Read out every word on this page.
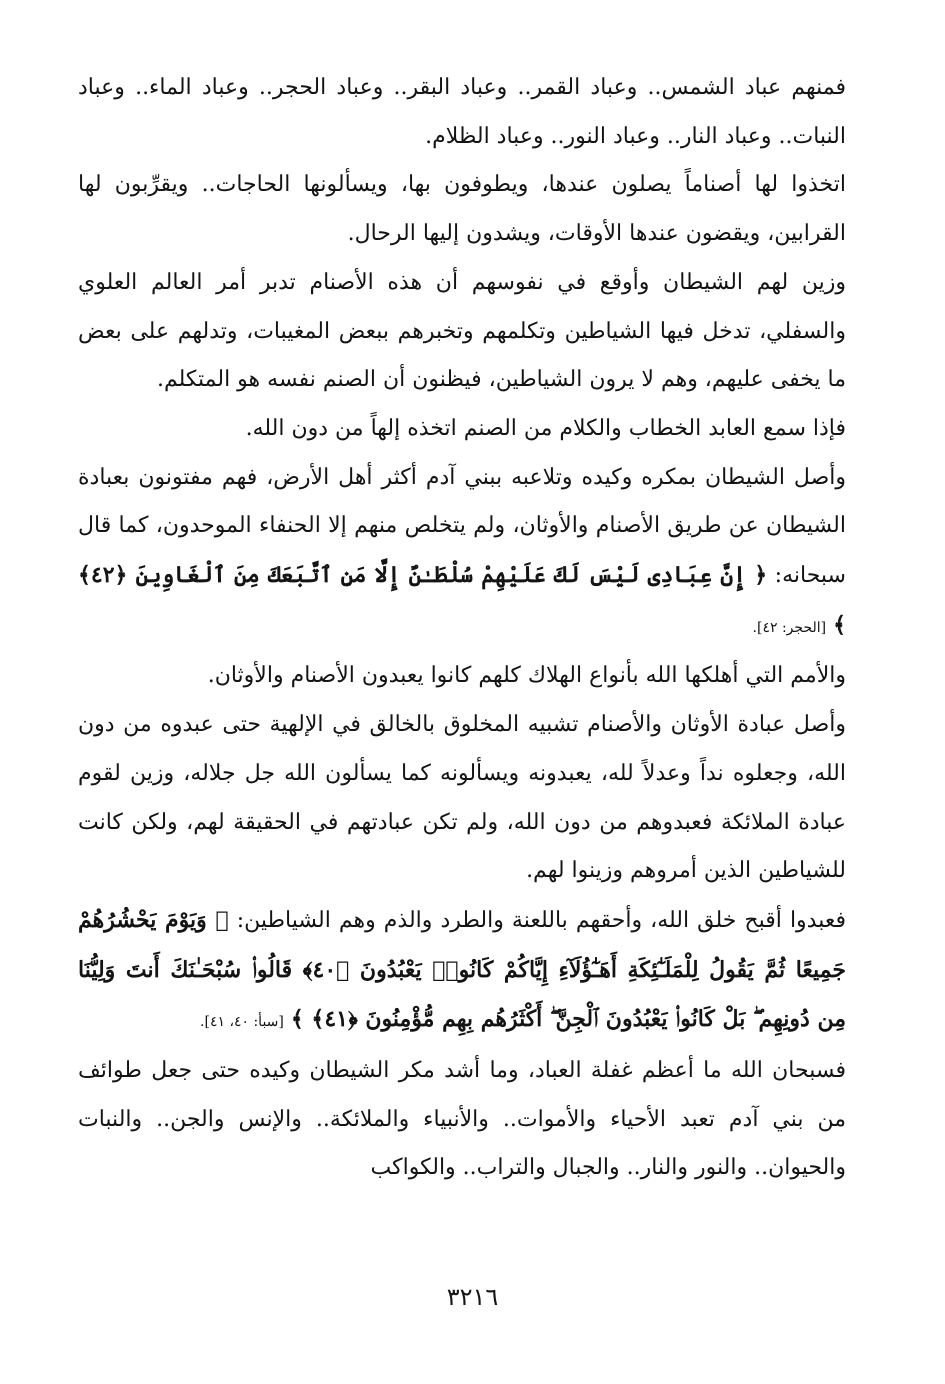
فمنهم عباد الشمس.. وعباد القمر.. وعباد البقر.. وعباد الحجر.. وعباد الماء.. وعباد النبات.. وعباد النار.. وعباد النور.. وعباد الظلام.

اتخذوا لها أصناماً يصلون عندها، ويطوفون بها، ويسألونها الحاجات.. ويقرِّبون لها القرابين، ويقضون عندها الأوقات، ويشدون إليها الرحال.

وزين لهم الشيطان وأوقع في نفوسهم أن هذه الأصنام تدبر أمر العالم العلوي والسفلي، تدخل فيها الشياطين وتكلمهم وتخبرهم ببعض المغيبات، وتدلهم على بعض ما يخفى عليهم، وهم لا يرون الشياطين، فيظنون أن الصنم نفسه هو المتكلم.

فإذا سمع العابد الخطاب والكلام من الصنم اتخذه إلهاً من دون الله.

وأصل الشيطان بمكره وكيده وتلاعبه ببني آدم أكثر أهل الأرض، فهم مفتونون بعبادة الشيطان عن طريق الأصنام والأوثان، ولم يتخلص منهم إلا الحنفاء الموحدون، كما قال سبحانه: ﴿ إِنَّ عِبَادِى لَيْسَ لَكَ عَلَيْهِمْ سُلْطَـٰنٌ إِلَّا مَنِ ٱتَّبَعَكَ مِنَ ٱلْغَاوِينَ ﴿٤٢﴾ ﴾ [الحجر: ٤٢].

والأمم التي أهلكها الله بأنواع الهلاك كلهم كانوا يعبدون الأصنام والأوثان.

وأصل عبادة الأوثان والأصنام تشبيه المخلوق بالخالق في الإلهية حتى عبدوه من دون الله، وجعلوه نداً وعدلاً لله، يعبدونه ويسألونه كما يسألون الله جل جلاله، وزين لقوم عبادة الملائكة فعبدوهم من دون الله، ولم تكن عبادتهم في الحقيقة لهم، ولكن كانت للشياطين الذين أمروهم وزينوا لهم.

فعبدوا أقبح خلق الله، وأحقهم باللعنة والطرد والذم وهم الشياطين: ﴿ وَيَوْمَ يَحْشُرُهُمْ جَمِيعًا ثُمَّ يَقُولُ لِلْمَلَـٰٓئِكَةِ أَهَـٰٓؤُلَآءِ إِيَّاكُمْ كَانُوا۟ يَعْبُدُونَ ﴿٤٠﴾ قَالُوا۟ سُبْحَـٰنَكَ أَنتَ وَلِيُّنَا مِن دُونِهِم ۖ بَلْ كَانُوا۟ يَعْبُدُونَ ٱلْجِنَّ ۖ أَكْثَرُهُم بِهِم مُّؤْمِنُونَ ﴿٤١﴾ ﴾ [سبأ: ٤٠، ٤١].

فسبحان الله ما أعظم غفلة العباد، وما أشد مكر الشيطان وكيده حتى جعل طوائف من بني آدم تعبد الأحياء والأموات.. والأنبياء والملائكة.. والإنس والجن.. والنبات والحيوان.. والنور والنار.. والجبال والتراب.. والكواكب

٣٢١٦
